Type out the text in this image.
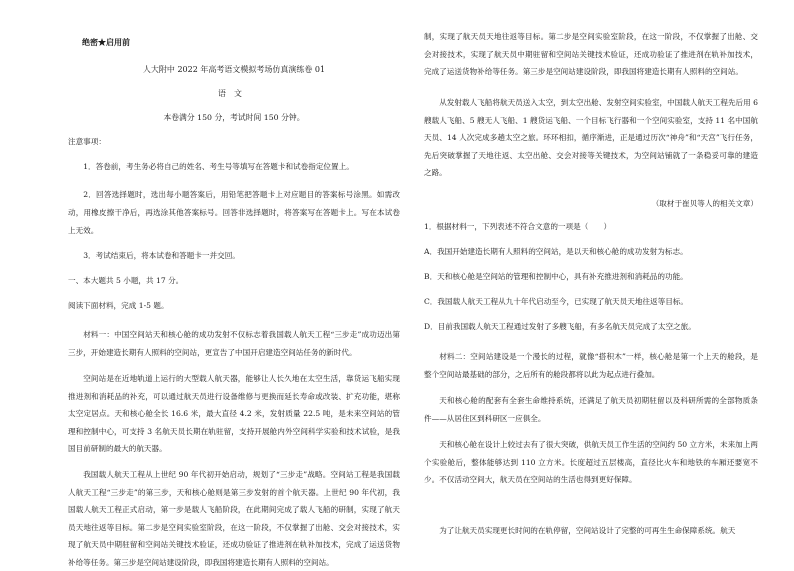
绝密★启用前
人大附中 2022 年高考语文模拟考场仿真演练卷 01
语文
本卷满分 150 分，考试时间 150 分钟。

注意事项：

1．答卷前，考生务必将自己的姓名、考生号等填写在答题卡和试卷指定位置上。

2．回答选择题时，选出每小题答案后，用铅笔把答题卡上对应题目的答案标号涂黑。如需改动，用橡皮擦干净后，再选涂其他答案标号。回答非选择题时，将答案写在答题卡上。写在本试卷上无效。

3．考试结束后，将本试卷和答题卡一并交回。

一、本大题共 5 小题，共 17 分。

阅读下面材料，完成 1-5 题。

材料一：中国空间站天和核心舱的成功发射不仅标志着我国载人航天工程“三步走”成功迈出第三步，开始建造长期有人照料的空间站，更宣告了中国开启建造空间站任务的新时代。

空间站是在近地轨道上运行的大型载人航天器，能够让人长久地在太空生活，靠货运飞船实现推进剂和消耗品的补充，可以通过航天员进行设备维修与更换而延长寿命或改装、扩充功能，堪称太空定居点。天和核心舱全长 16.6 米，最大直径 4.2 米，发射质量 22.5 吨，是未来空间站的管理和控制中心，可支持 3 名航天员长期在轨驻留，支持开展舱内外空间科学实验和技术试验，是我国目前研制的最大的航天器。

我国载人航天工程从上世纪 90 年代初开始启动，规划了“三步走”战略。空间站工程是我国载人航天工程“三步走”的第三步，天和核心舱则是第三步发射的首个航天器。上世纪 90 年代初，我国载人航天工程正式启动，第一步是载人飞船阶段，在此期间完成了载人飞船的研制，实现了航天员天地往返等目标。第二步是空间实验室阶段，在这一阶段，不仅掌握了出舱、交会对接技术，实现了航天员中期驻留和空间站关键技术验证，还成功验证了推进剂在轨补加技术，完成了运送货物补给等任务。第三步是空间站建设阶段，即我国将建造长期有人照料的空间站。

制，实现了航天员天地往返等目标。第二步是空间实验室阶段，在这一阶段，不仅掌握了出舱、交会对接技术，实现了航天员中期驻留和空间站关键技术验证，还成功验证了推进剂在轨补加技术，完成了运送货物补给等任务。第三步是空间站建设阶段，即我国将建造长期有人照料的空间站。

从发射载人飞船将航天员送入太空，到太空出舱、发射空间实验室，中国载人航天工程先后用 6 艘载人飞船、5 艘无人飞船、1 艘货运飞船、一个目标飞行器和一个空间实验室，支持 11 名中国航天员、14 人次完成多趟太空之旅。环环相扣，循序渐进，正是通过历次“神舟”和“天宫”飞行任务，先后突破掌握了天地往返、太空出舱、交会对接等关键技术，为空间站铺就了一条稳妥可靠的建造之路。

（取材于崔贝等人的相关文章）

1．根据材料一，下列表述不符合文意的一项是（　　）

A．我国开始建造长期有人照料的空间站，是以天和核心舱的成功发射为标志。

B．天和核心舱是空间站的管理和控制中心，具有补充推进剂和消耗品的功能。

C．我国载人航天工程从九十年代启动至今，已实现了航天员天地往返等目标。

D．目前我国载人航天工程通过发射了多艘飞船，有多名航天员完成了太空之旅。

材料二：空间站建设是一个漫长的过程，就像“搭积木”一样，核心舱是第一个上天的舱段，是整个空间站最基础的部分，之后所有的舱段都将以此为起点进行叠加。

天和核心舱的配套有全套生命维持系统，还满足了航天员初期驻留以及科研所需的全部物质条件——从居住区到科研区一应俱全。

天和核心舱在设计上较过去有了很大突破，供航天员工作生活的空间约 50 立方米，未来加上两个实验舱后，整体能够达到 110 立方米。长度超过五层楼高，直径比火车和地铁的车厢还要宽不少。不仅活动空间大，航天员在空间站的生活也得到更好保障。

为了让航天员实现更长时间的在轨停留，空间站设计了完整的可再生生命保障系统。航天
